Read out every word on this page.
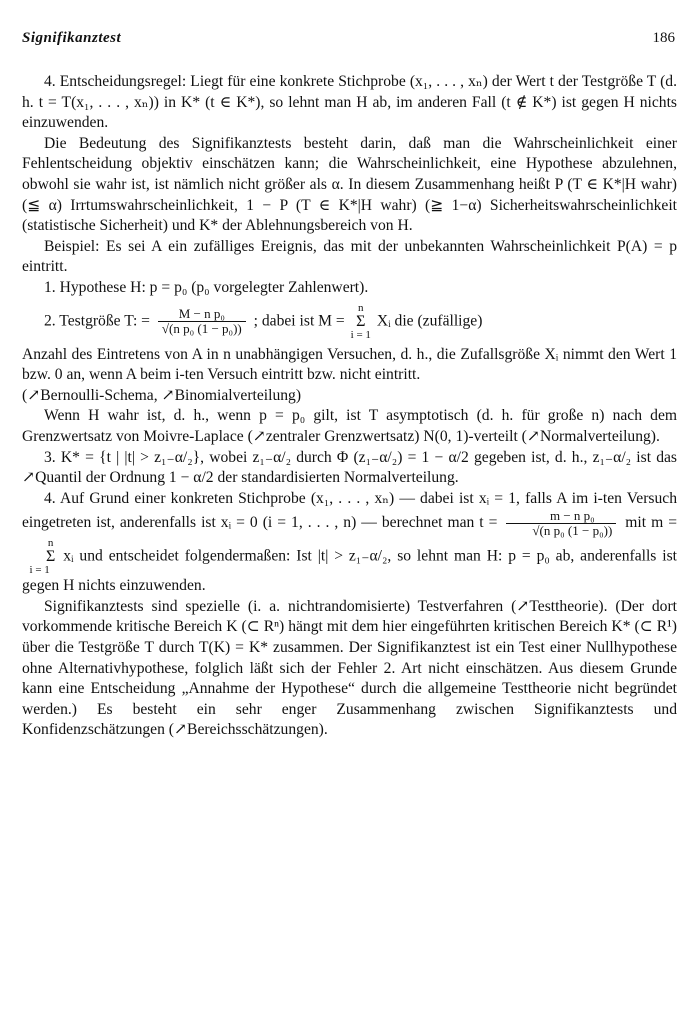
Signifikanztest	186

4. Entscheidungsregel: Liegt für eine konkrete Stichprobe (x₁, . . . , xₙ) der Wert t der Testgröße T (d. h. t = T(x₁, . . . , xₙ)) in K* (t ∈ K*), so lehnt man H ab, im anderen Fall (t ∉ K*) ist gegen H nichts einzuwenden.

Die Bedeutung des Signifikanztests besteht darin, daß man die Wahrscheinlichkeit einer Fehlentscheidung objektiv einschätzen kann; die Wahrscheinlichkeit, eine Hypothese abzulehnen, obwohl sie wahr ist, ist nämlich nicht größer als α. In diesem Zusammenhang heißt P (T ∈ K*|H wahr) (≦ α) Irrtumswahrscheinlichkeit, 1 − P (T ∈ K*|H wahr) (≧ 1−α) Sicherheitswahrscheinlichkeit (statistische Sicherheit) und K* der Ablehnungsbereich von H.

Beispiel: Es sei A ein zufälliges Ereignis, das mit der unbekannten Wahrscheinlichkeit P(A) = p eintritt.

1. Hypothese H: p = p₀ (p₀ vorgelegter Zahlenwert).

2. Testgröße T: = $\frac{\text{M − n p₀}}{\text{√(n p₀ (1 − p₀))}}$ ; dabei ist M = n
Σ
i = 1 Xᵢ die (zufällige)

Anzahl des Eintretens von A in n unabhängigen Versuchen, d. h., die Zufallsgröße Xᵢ nimmt den Wert 1 bzw. 0 an, wenn A beim i-ten Versuch eintritt bzw. nicht eintritt.

(↗Bernoulli-Schema, ↗Binomialverteilung)

Wenn H wahr ist, d. h., wenn p = p₀ gilt, ist T asymptotisch (d. h. für große n) nach dem Grenzwertsatz von Moivre-Laplace (↗zentraler Grenzwertsatz) N(0, 1)-verteilt (↗Normalverteilung).

3. K* = {t | |t| > z₁₋α/₂}, wobei z₁₋α/₂ durch Φ (z₁₋α/₂) = 1 − α/2 gegeben ist, d. h., z₁₋α/₂ ist das ↗Quantil der Ordnung 1 − α/2 der standardisierten Normalverteilung.

4. Auf Grund einer konkreten Stichprobe (x₁, . . . , xₙ) — dabei ist xᵢ = 1, falls A im i-ten Versuch eingetreten ist, anderenfalls ist xᵢ = 0 (i = 1, . . . , n) — berechnet man $t = \frac{\text{m − n p₀}}{\text{√(n p₀ (1 − p₀))}}$ mit m = n
Σ
i = 1 xᵢ und entscheidet folgendermaßen: Ist |t| > z₁₋α/₂, so lehnt man H: p = p₀ ab, anderenfalls ist gegen H nichts einzuwenden.

Signifikanztests sind spezielle (i. a. nichtrandomisierte) Testverfahren (↗Testtheorie). (Der dort vorkommende kritische Bereich K (⊂ Rⁿ) hängt mit dem hier eingeführten kritischen Bereich K* (⊂ R¹) über die Testgröße T durch T(K) = K* zusammen. Der Signifikanztest ist ein Test einer Nullhypothese ohne Alternativhypothese, folglich läßt sich der Fehler 2. Art nicht einschätzen. Aus diesem Grunde kann eine Entscheidung „Annahme der Hypothese“ durch die allgemeine Testtheorie nicht begründet werden.) Es besteht ein sehr enger Zusammenhang zwischen Signifikanztests und Konfidenzschätzungen (↗Bereichsschätzungen).
